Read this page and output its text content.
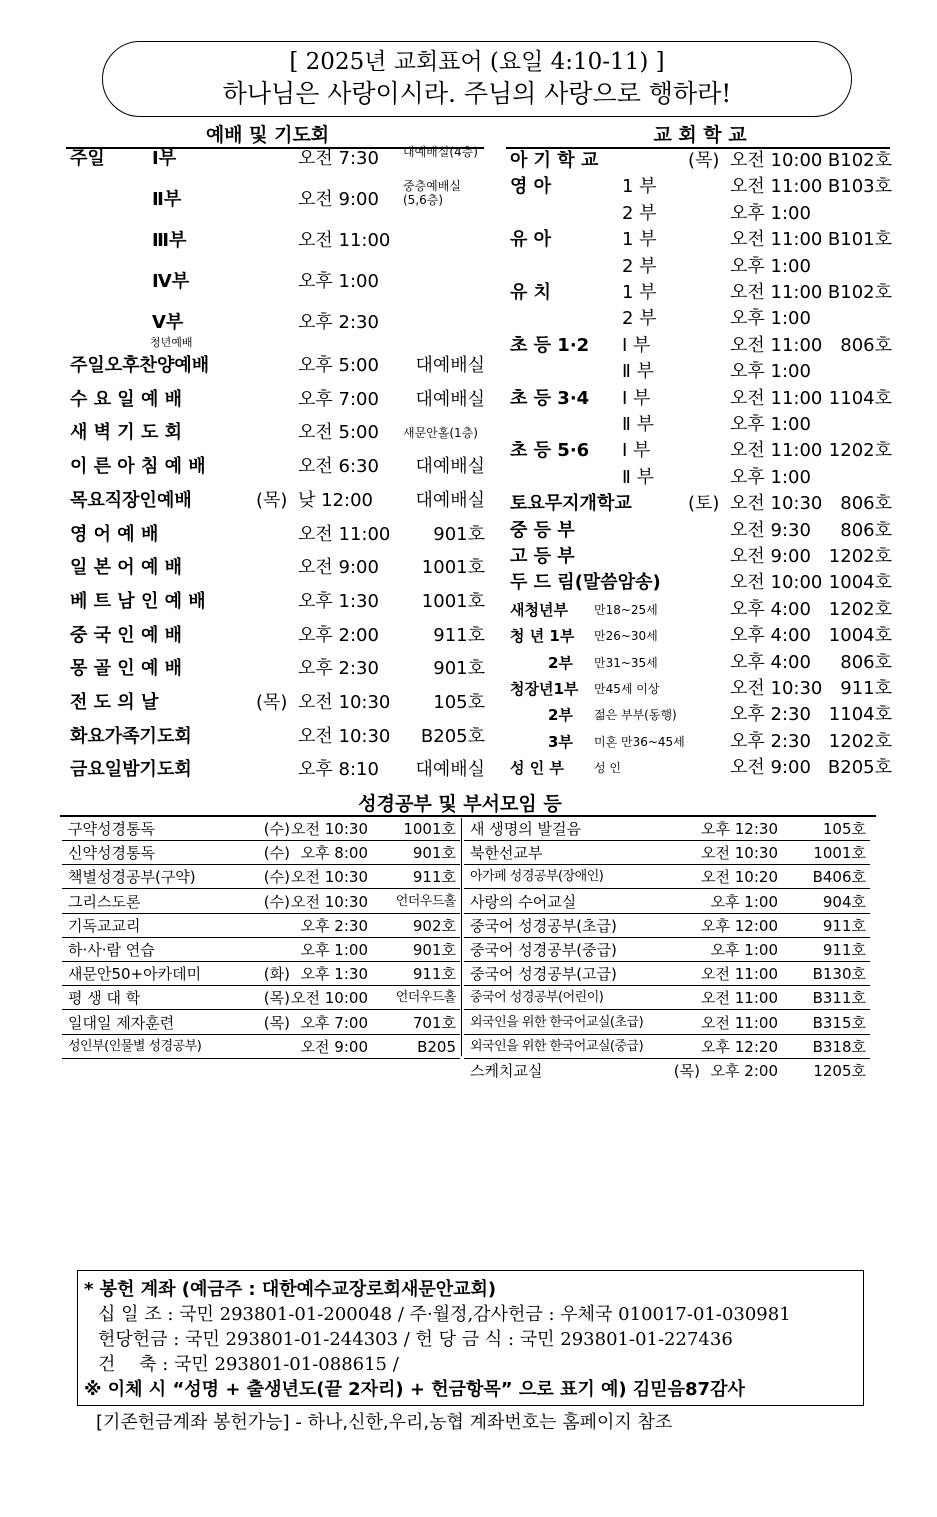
[ 2025년 교회표어 (요일 4:10-11) ]
하나님은 사랑이시라. 주님의 사랑으로 행하라!
예배 및 기도회	교 회 학 교
주일	Ⅰ부	오전 7:30 대예배실(4층)
Ⅱ부	오전 9:00
중층예배실 (5,6층)
Ⅲ부	오전 11:00
Ⅳ부	오후 1:00
Ⅴ부	오후 2:30
청년예배
주일오후찬양예배	오후 5:00 대예배실
수 요 일 예 배	오후 7:00 대예배실
새 벽 기 도 회	오전 5:00 새문안홀(1층)
이 른 아 침 예 배	오전 6:30 대예배실
목요직장인예배	(목) 낮 12:00 대예배실
영 어 예 배	오전 11:00 901호
일 본 어 예 배	오전 9:00 1001호
베 트 남 인 예 배	오후 1:30 1001호
중 국 인 예 배	오후 2:00	911호
몽 골 인 예 배	오후 2:30	901호
전 도 의 날	(목) 오전 10:30 105호
화요가족기도회	오전 10:30 B205호
금요일밤기도회	오후 8:10 대예배실
아 기 학 교	(목) 오전 10:00 B102호
영 아	1 부	오전 11:00 B103호
2 부	오후 1:00
유 아	1 부	오전 11:00 B101호
2 부	오후 1:00
유 치	1 부	오전 11:00 B102호
2 부	오후 1:00
초 등 1·2 Ⅰ 부	오전 11:00 806호
Ⅱ 부	오후 1:00
초 등 3·4 Ⅰ 부	오전 11:00 1104호
Ⅱ 부	오후 1:00
초 등 5·6 Ⅰ 부	오전 11:00 1202호
Ⅱ 부	오후 1:00
토요무지개학교	(토) 오전 10:30 806호
중 등 부	오전 9:30 806호
고 등 부	오전 9:00 1202호
두 드 림(말씀암송)	오전 10:00 1004호
새청년부 만18~25세	오후 4:00 1202호
청 년 1부 만26~30세	오후 4:00 1004호
2부 만31~35세	오후 4:00 806호
청장년1부 만45세 이상	오전 10:30 911호
2부 젊은 부부(동행)	오후 2:30 1104호
3부 미혼 만36~45세	오후 2:30 1202호
성 인 부	성 인	오전 9:00 B205호
성경공부 및 부서모임 등
구약성경통독	(수) 오전 10:30 1001호
신약성경통독	(수) 오후 8:00	901호
책별성경공부(구약)	(수) 오전 10:30	911호
그리스도론	(수) 오전 10:30 언더우드홀
기독교교리	오후 2:30	902호
하·사·람 연습	오후 1:00	901호
새문안50+아카데미	(화) 오후 1:30	911호
평 생 대 학	(목) 오전 10:00 언더우드홀
일대일 제자훈련	(목) 오후 7:00	701호
성인부(인물별 성경공부)	오전 9:00	B205
새 생명의 발걸음	오후 12:30	105호
북한선교부	오전 10:30 1001호
아가페 성경공부(장애인)	오전 10:20 B406호
사랑의 수어교실	오후 1:00	904호
중국어 성경공부(초급)	오후 12:00	911호
중국어 성경공부(중급)	오후 1:00	911호
중국어 성경공부(고급)	오전 11:00 B130호
중국어 성경공부(어린이)	오전 11:00 B311호
외국인을 위한 한국어교실(초급)	오전 11:00 B315호
외국인을 위한 한국어교실(중급)	오후 12:20 B318호
스케치교실	(목) 오후 2:00 1205호
* 봉헌 계좌 (예금주 : 대한예수교장로회새문안교회)
십 일 조 : 국민 293801-01-200048 / 주·월정,감사헌금 : 우체국 010017-01-030981
헌당헌금 : 국민 293801-01-244303 / 헌 당 금 식 : 국민 293801-01-227436
건　 축 : 국민 293801-01-088615 /
※ 이체 시 “성명 + 출생년도(끝 2자리) + 헌금항목” 으로 표기 예) 김믿음87감사
[기존헌금계좌 봉헌가능] - 하나,신한,우리,농협 계좌번호는 홈페이지 참조
